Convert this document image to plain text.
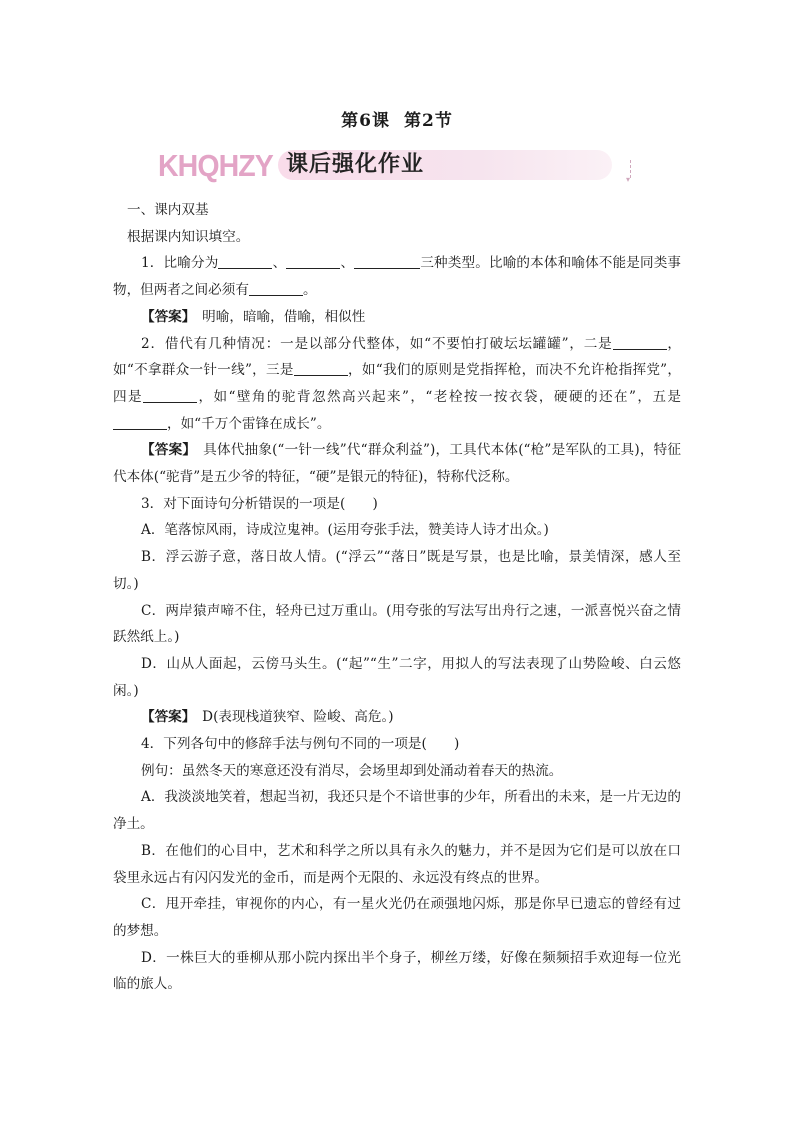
第6课 第2节
KHQHZY 课后强化作业
▾

一、课内双基

根据课内知识填空。

1．比喻分为	、	、	三种类型。比喻的本体和喻体不能是同类事物，但两者之间必须有	。

【答案】　 明喻，暗喻，借喻，相似性

2．借代有几种情况：一是以部分代整体，如“不要怕打破坛坛罐罐”，二是	，如“不拿群众一针一线”，三是	，如“我们的原则是党指挥枪，而决不允许枪指挥党”，四是	，如“壁角的驼背忽然高兴起来”，“老栓按一按衣袋，硬硬的还在”，五是，如“千万个雷锋在成长”。

【答案】　 具体代抽象(“一针一线”代“群众利益”)，工具代本体(“枪”是军队的工具)，特征代本体(“驼背”是五少爷的特征，“硬”是银元的特征)，特称代泛称。

3．对下面诗句分析错误的一项是(　　)

A．笔落惊风雨，诗成泣鬼神。(运用夸张手法，赞美诗人诗才出众。)

B．浮云游子意，落日故人情。(“浮云”“落日”既是写景，也是比喻，景美情深，感人至切。)

C．两岸猿声啼不住，轻舟已过万重山。(用夸张的写法写出舟行之速，一派喜悦兴奋之情跃然纸上。)

D．山从人面起，云傍马头生。(“起”“生”二字，用拟人的写法表现了山势险峻、白云悠闲。)

【答案】　 D(表现栈道狭窄、险峻、高危。)

4．下列各句中的修辞手法与例句不同的一项是(　　)

例句：虽然冬天的寒意还没有消尽，会场里却到处涌动着春天的热流。

A．我淡淡地笑着，想起当初，我还只是个不谙世事的少年，所看出的未来，是一片无边的净土。

B．在他们的心目中，艺术和科学之所以具有永久的魅力，并不是因为它们是可以放在口袋里永远占有闪闪发光的金币，而是两个无限的、永远没有终点的世界。

C．甩开牵挂，审视你的内心，有一星火光仍在顽强地闪烁，那是你早已遗忘的曾经有过的梦想。

D．一株巨大的垂柳从那小院内探出半个身子，柳丝万缕，好像在频频招手欢迎每一位光临的旅人。
